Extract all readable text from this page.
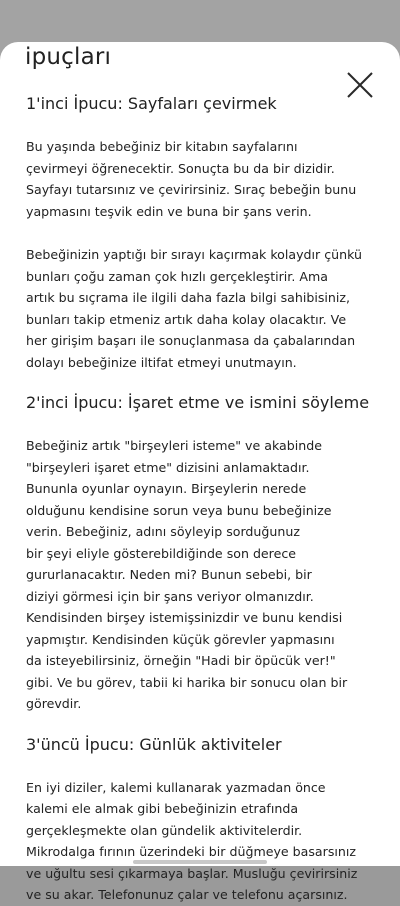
ipuçları
1'inci İpucu: Sayfaları çevirmek

Bu yaşında bebeğiniz bir kitabın sayfalarını
çevirmeyi öğrenecektir. Sonuçta bu da bir dizidir.
Sayfayı tutarsınız ve çevirirsiniz. Sıraç bebeğin bunu
yapmasını teşvik edin ve buna bir şans verin.

Bebeğinizin yaptığı bir sırayı kaçırmak kolaydır çünkü
bunları çoğu zaman çok hızlı gerçekleştirir. Ama
artık bu sıçrama ile ilgili daha fazla bilgi sahibisiniz,
bunları takip etmeniz artık daha kolay olacaktır. Ve
her girişim başarı ile sonuçlanmasa da çabalarından
dolayı bebeğinize iltifat etmeyi unutmayın.

2'inci İpucu: İşaret etme ve ismini söyleme

Bebeğiniz artık "birşeyleri isteme" ve akabinde
"birşeyleri işaret etme" dizisini anlamaktadır.
Bununla oyunlar oynayın. Birşeylerin nerede
olduğunu kendisine sorun veya bunu bebeğinize
verin. Bebeğiniz, adını söyleyip sorduğunuz
bir şeyi eliyle gösterebildiğinde son derece
gururlanacaktır. Neden mi? Bunun sebebi, bir
diziyi görmesi için bir şans veriyor olmanızdır.
Kendisinden birşey istemişsinizdir ve bunu kendisi
yapmıştır. Kendisinden küçük görevler yapmasını
da isteyebilirsiniz, örneğin "Hadi bir öpücük ver!"
gibi. Ve bu görev, tabii ki harika bir sonucu olan bir
görevdir.

3'üncü İpucu: Günlük aktiviteler

En iyi diziler, kalemi kullanarak yazmadan önce
kalemi ele almak gibi bebeğinizin etrafında
gerçekleşmekte olan gündelik aktivitelerdir.
Mikrodalga fırının üzerindeki bir düğmeye basarsınız
ve uğultu sesi çıkarmaya başlar. Musluğu çevirirsiniz
ve su akar. Telefonunuz çalar ve telefonu açarsınız.
